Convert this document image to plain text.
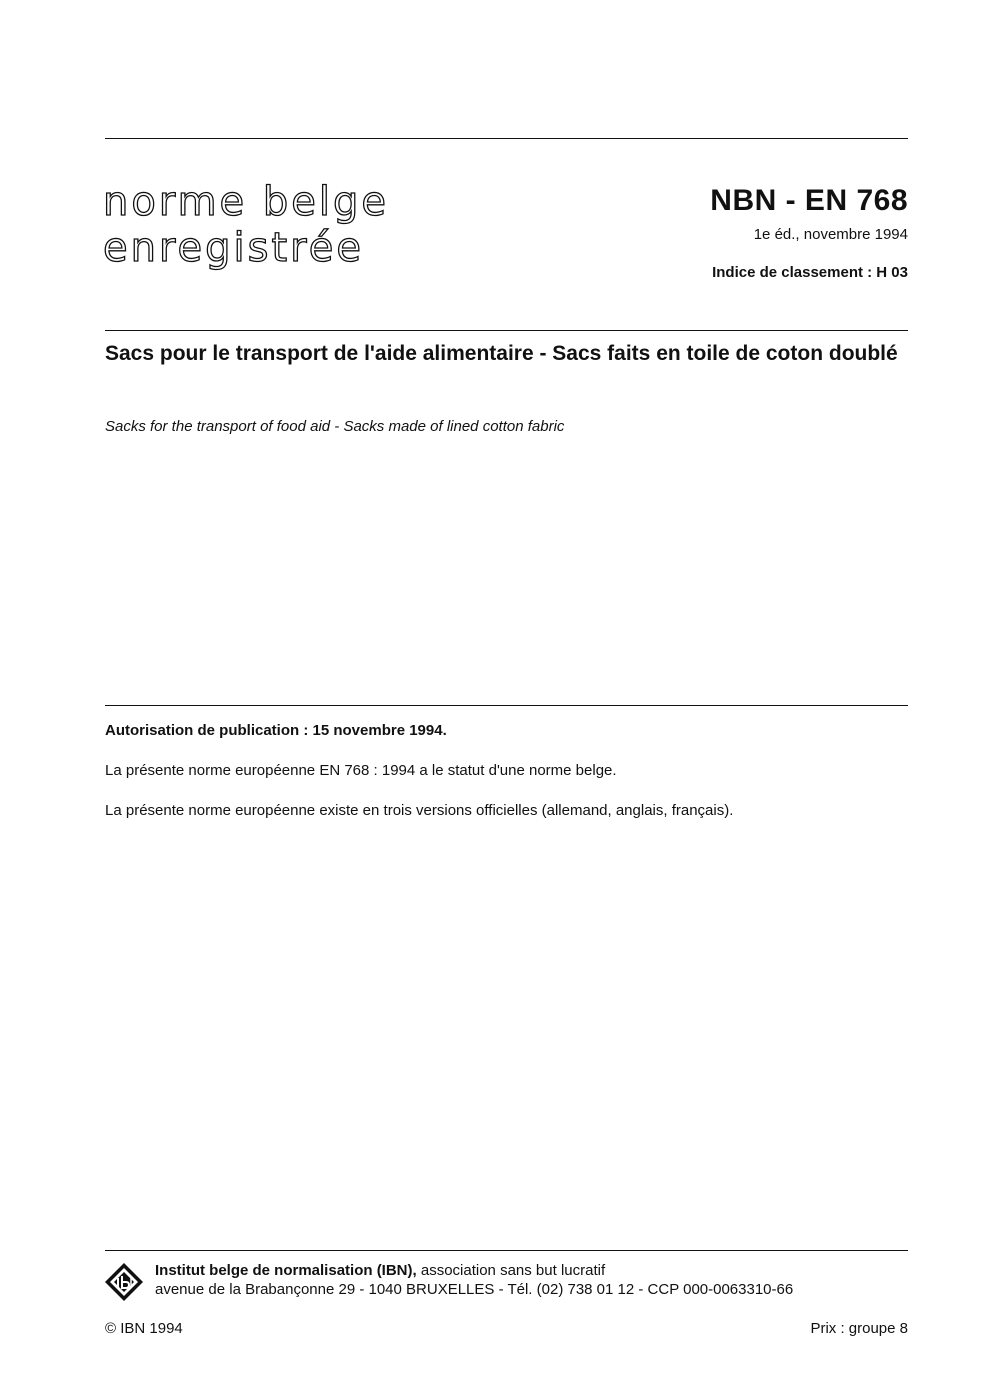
norme belge
enregistrée
NBN - EN 768
1e éd., novembre 1994
Indice de classement : H 03
Sacs pour le transport de l'aide alimentaire - Sacs faits en toile de coton doublé
Sacks for the transport of food aid - Sacks made of lined cotton fabric
Autorisation de publication : 15 novembre 1994.
La présente norme européenne EN 768 : 1994 a le statut d'une norme belge.
La présente norme européenne existe en trois versions officielles (allemand, anglais, français).
Institut belge de normalisation (IBN), association sans but lucratif
avenue de la Brabançonne 29 - 1040 BRUXELLES - Tél. (02) 738 01 12 - CCP 000-0063310-66
© IBN 1994	Prix : groupe 8
